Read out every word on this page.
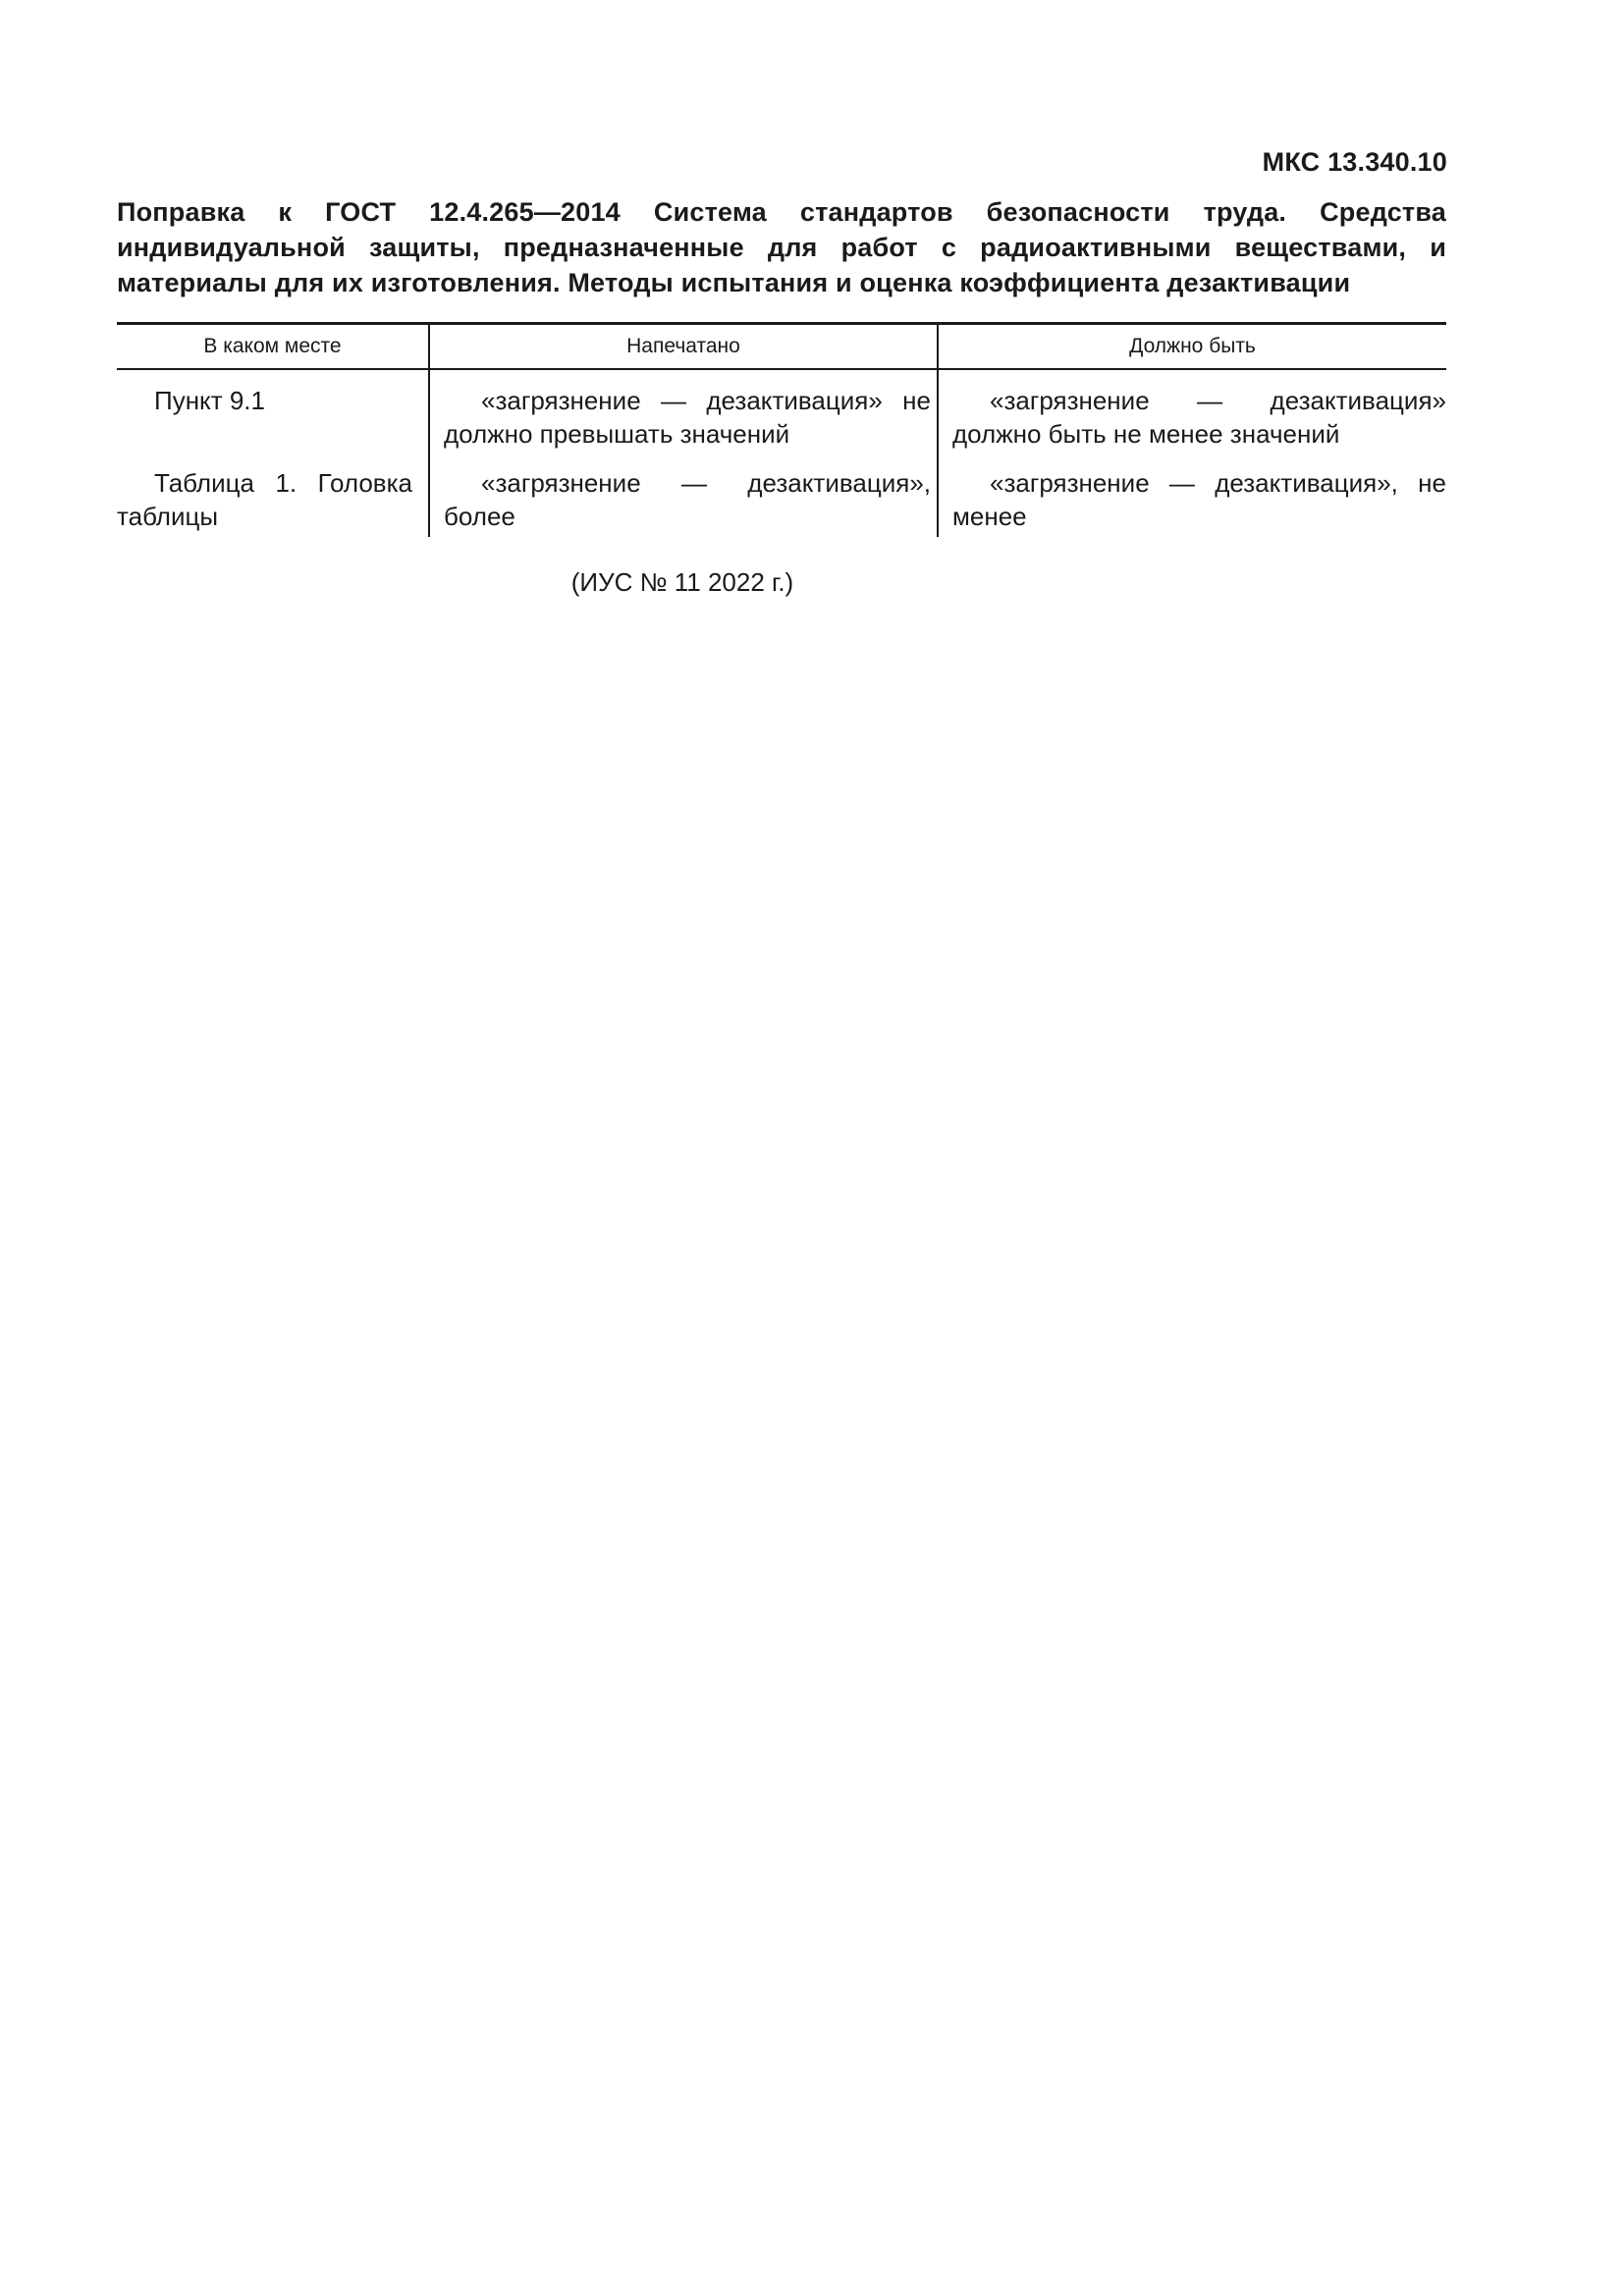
МКС 13.340.10
Поправка к ГОСТ 12.4.265—2014 Система стандартов безопасности труда. Средства индивидуальной защиты, предназначенные для работ с радиоактивными веществами, и материалы для их изготовления. Методы испытания и оценка коэффициента дезактивации
В каком месте	Напечатано	Должно быть

Пункт 9.1	«загрязнение — дезактивация» не должно превышать значений	«загрязнение — дезактивация» должно быть не менее значений

Таблица 1. Головка таблицы	«загрязнение — дезактивация», более	«загрязнение — дезактивация», не менее
(ИУС № 11 2022 г.)
